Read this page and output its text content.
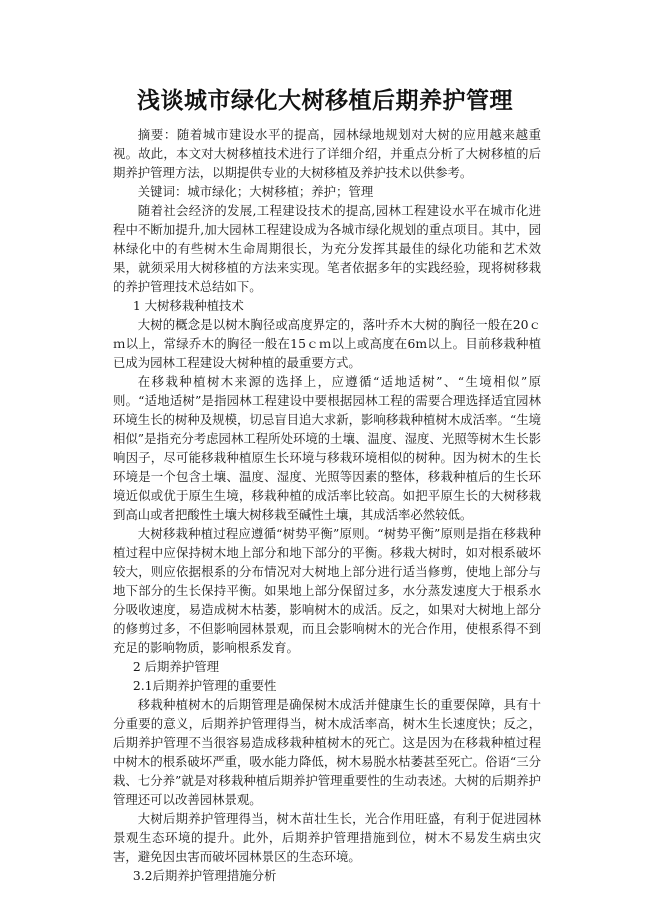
浅谈城市绿化大树移植后期养护管理

摘要：随着城市建设水平的提高，园林绿地规划对大树的应用越来越重视。故此，本文对大树移植技术进行了详细介绍，并重点分析了大树移植的后期养护管理方法，以期提供专业的大树移植及养护技术以供参考。

关键词：城市绿化；大树移植；养护；管理

随着社会经济的发展,工程建设技术的提高,园林工程建设水平在城市化进程中不断加提升,加大园林工程建设成为各城市绿化规划的重点项目。其中，园林绿化中的有些树木生命周期很长，为充分发挥其最佳的绿化功能和艺术效果，就须采用大树移植的方法来实现。笔者依据多年的实践经验，现将树移栽的养护管理技术总结如下。

1 大树移栽种植技术

大树的概念是以树木胸径或高度界定的，落叶乔木大树的胸径一般在20ｃｍ以上，常绿乔木的胸径一般在15ｃｍ以上或高度在6m以上。目前移栽种植已成为园林工程建设大树种植的最重要方式。

在移栽种植树木来源的选择上，应遵循“适地适树”、“生境相似”原则。“适地适树”是指园林工程建设中要根据园林工程的需要合理选择适宜园林环境生长的树种及规模，切忌盲目追大求新，影响移栽种植树木成活率。“生境相似”是指充分考虑园林工程所处环境的土壤、温度、湿度、光照等树木生长影响因子，尽可能移栽种植原生长环境与移栽环境相似的树种。因为树木的生长环境是一个包含土壤、温度、湿度、光照等因素的整体，移栽种植后的生长环境近似或优于原生生境，移栽种植的成活率比较高。如把平原生长的大树移栽到高山或者把酸性土壤大树移栽至碱性土壤，其成活率必然较低。

大树移栽种植过程应遵循“树势平衡”原则。“树势平衡”原则是指在移栽种植过程中应保持树木地上部分和地下部分的平衡。移栽大树时，如对根系破坏较大，则应依据根系的分布情况对大树地上部分进行适当修剪，使地上部分与地下部分的生长保持平衡。如果地上部分保留过多，水分蒸发速度大于根系水分吸收速度，易造成树木枯萎，影响树木的成活。反之，如果对大树地上部分的修剪过多，不但影响园林景观，而且会影响树木的光合作用，使根系得不到充足的影响物质，影响根系发育。

2 后期养护管理

2.1后期养护管理的重要性

移栽种植树木的后期管理是确保树木成活并健康生长的重要保障，具有十分重要的意义，后期养护管理得当，树木成活率高，树木生长速度快；反之，后期养护管理不当很容易造成移栽种植树木的死亡。这是因为在移栽种植过程中树木的根系破坏严重，吸水能力降低，树木易脱水枯萎甚至死亡。俗语“三分栽、七分养”就是对移栽种植后期养护管理重要性的生动表述。大树的后期养护管理还可以改善园林景观。

大树后期养护管理得当，树木苗壮生长，光合作用旺盛，有利于促进园林景观生态环境的提升。此外，后期养护管理措施到位，树木不易发生病虫灾害，避免因虫害而破坏园林景区的生态环境。

3.2后期养护管理措施分析
